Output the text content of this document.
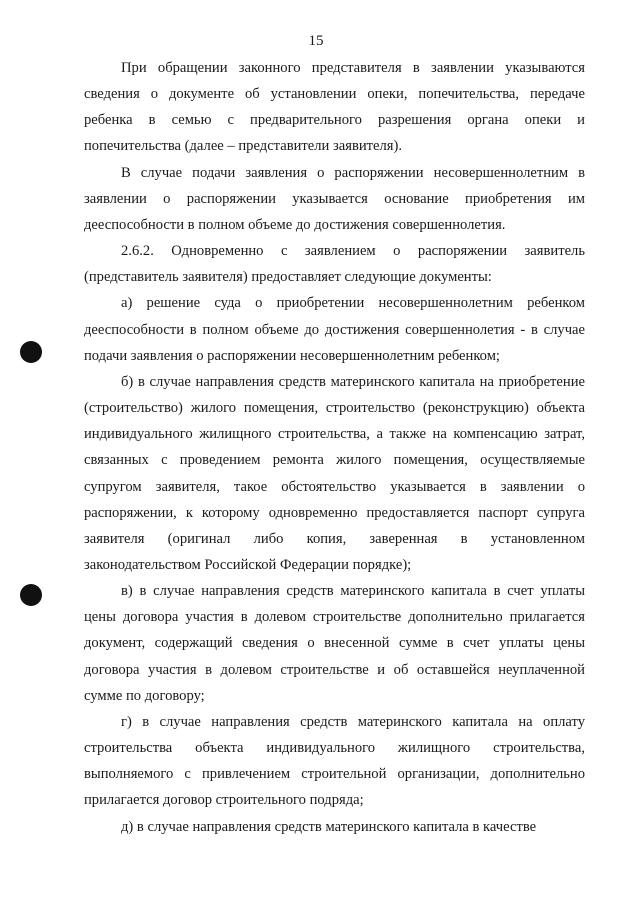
15

При обращении законного представителя в заявлении указываются сведения о документе об установлении опеки, попечительства, передаче ребенка в семью с предварительного разрешения органа опеки и попечительства (далее – представители заявителя).

В случае подачи заявления о распоряжении несовершеннолетним в заявлении о распоряжении указывается основание приобретения им дееспособности в полном объеме до достижения совершеннолетия.

2.6.2. Одновременно с заявлением о распоряжении заявитель (представитель заявителя) предоставляет следующие документы:

а) решение суда о приобретении несовершеннолетним ребенком дееспособности в полном объеме до достижения совершеннолетия - в случае подачи заявления о распоряжении несовершеннолетним ребенком;

б) в случае направления средств материнского капитала на приобретение (строительство) жилого помещения, строительство (реконструкцию) объекта индивидуального жилищного строительства, а также на компенсацию затрат, связанных с проведением ремонта жилого помещения, осуществляемые супругом заявителя, такое обстоятельство указывается в заявлении о распоряжении, к которому одновременно предоставляется паспорт супруга заявителя (оригинал либо копия, заверенная в установленном законодательством Российской Федерации порядке);

в) в случае направления средств материнского капитала в счет уплаты цены договора участия в долевом строительстве дополнительно прилагается документ, содержащий сведения о внесенной сумме в счет уплаты цены договора участия в долевом строительстве и об оставшейся неуплаченной сумме по договору;

г) в случае направления средств материнского капитала на оплату строительства объекта индивидуального жилищного строительства, выполняемого с привлечением строительной организации, дополнительно прилагается договор строительного подряда;

д) в случае направления средств материнского капитала в качестве
